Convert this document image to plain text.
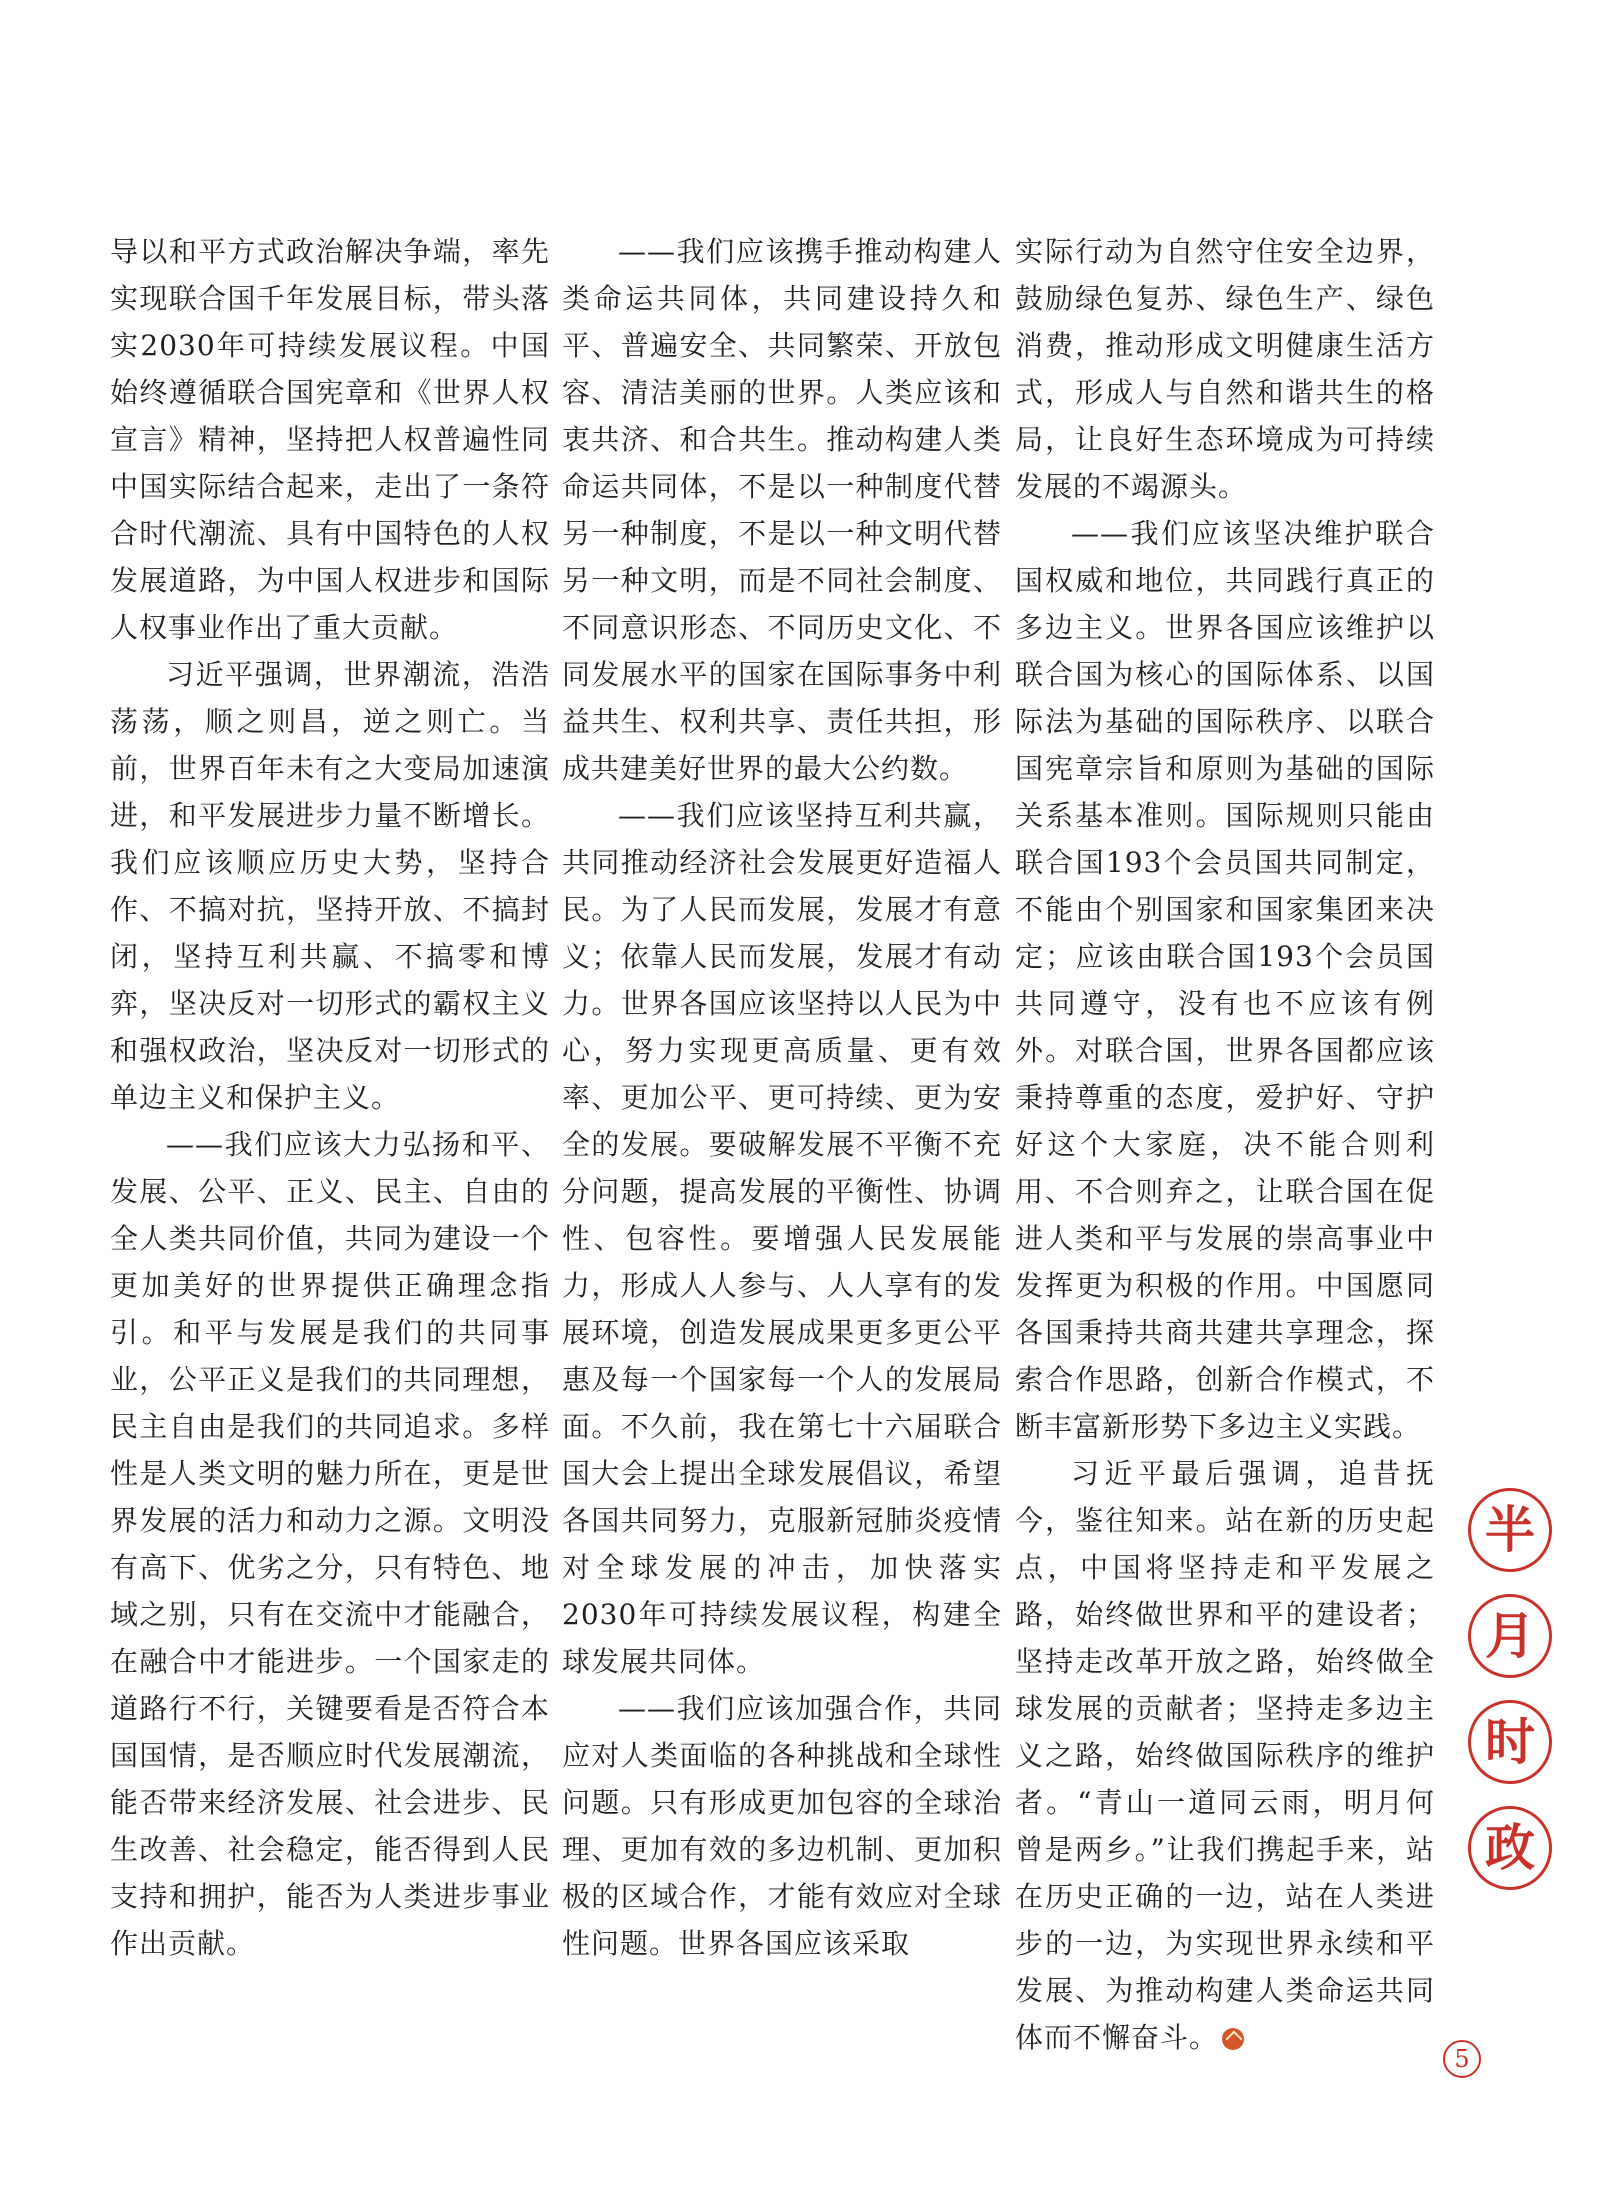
导以和平方式政治解决争端，率先实现联合国千年发展目标，带头落实2030年可持续发展议程。中国始终遵循联合国宪章和《世界人权宣言》精神，坚持把人权普遍性同中国实际结合起来，走出了一条符合时代潮流、具有中国特色的人权发展道路，为中国人权进步和国际人权事业作出了重大贡献。

习近平强调，世界潮流，浩浩荡荡，顺之则昌，逆之则亡。当前，世界百年未有之大变局加速演进，和平发展进步力量不断增长。我们应该顺应历史大势，坚持合作、不搞对抗，坚持开放、不搞封闭，坚持互利共赢、不搞零和博弈，坚决反对一切形式的霸权主义和强权政治，坚决反对一切形式的单边主义和保护主义。

——我们应该大力弘扬和平、发展、公平、正义、民主、自由的全人类共同价值，共同为建设一个更加美好的世界提供正确理念指引。和平与发展是我们的共同事业，公平正义是我们的共同理想，民主自由是我们的共同追求。多样性是人类文明的魅力所在，更是世界发展的活力和动力之源。文明没有高下、优劣之分，只有特色、地域之别，只有在交流中才能融合，在融合中才能进步。一个国家走的道路行不行，关键要看是否符合本国国情，是否顺应时代发展潮流，能否带来经济发展、社会进步、民生改善、社会稳定，能否得到人民支持和拥护，能否为人类进步事业作出贡献。

——我们应该携手推动构建人类命运共同体，共同建设持久和平、普遍安全、共同繁荣、开放包容、清洁美丽的世界。人类应该和衷共济、和合共生。推动构建人类命运共同体，不是以一种制度代替另一种制度，不是以一种文明代替另一种文明，而是不同社会制度、不同意识形态、不同历史文化、不同发展水平的国家在国际事务中利益共生、权利共享、责任共担，形成共建美好世界的最大公约数。

——我们应该坚持互利共赢，共同推动经济社会发展更好造福人民。为了人民而发展，发展才有意义；依靠人民而发展，发展才有动力。世界各国应该坚持以人民为中心，努力实现更高质量、更有效率、更加公平、更可持续、更为安全的发展。要破解发展不平衡不充分问题，提高发展的平衡性、协调性、包容性。要增强人民发展能力，形成人人参与、人人享有的发展环境，创造发展成果更多更公平惠及每一个国家每一个人的发展局面。不久前，我在第七十六届联合国大会上提出全球发展倡议，希望各国共同努力，克服新冠肺炎疫情对全球发展的冲击，加快落实2030年可持续发展议程，构建全球发展共同体。

——我们应该加强合作，共同应对人类面临的各种挑战和全球性问题。只有形成更加包容的全球治理、更加有效的多边机制、更加积极的区域合作，才能有效应对全球性问题。世界各国应该采取

实际行动为自然守住安全边界，鼓励绿色复苏、绿色生产、绿色消费，推动形成文明健康生活方式，形成人与自然和谐共生的格局，让良好生态环境成为可持续发展的不竭源头。

——我们应该坚决维护联合国权威和地位，共同践行真正的多边主义。世界各国应该维护以联合国为核心的国际体系、以国际法为基础的国际秩序、以联合国宪章宗旨和原则为基础的国际关系基本准则。国际规则只能由联合国193个会员国共同制定，不能由个别国家和国家集团来决定；应该由联合国193个会员国共同遵守，没有也不应该有例外。对联合国，世界各国都应该秉持尊重的态度，爱护好、守护好这个大家庭，决不能合则利用、不合则弃之，让联合国在促进人类和平与发展的崇高事业中发挥更为积极的作用。中国愿同各国秉持共商共建共享理念，探索合作思路，创新合作模式，不断丰富新形势下多边主义实践。

习近平最后强调，追昔抚今，鉴往知来。站在新的历史起点，中国将坚持走和平发展之路，始终做世界和平的建设者；坚持走改革开放之路，始终做全球发展的贡献者；坚持走多边主义之路，始终做国际秩序的维护者。“青山一道同云雨，明月何曾是两乡。”让我们携起手来，站在历史正确的一边，站在人类进步的一边，为实现世界永续和平发展、为推动构建人类命运共同体而不懈奋斗。

半
月
时
政
5
